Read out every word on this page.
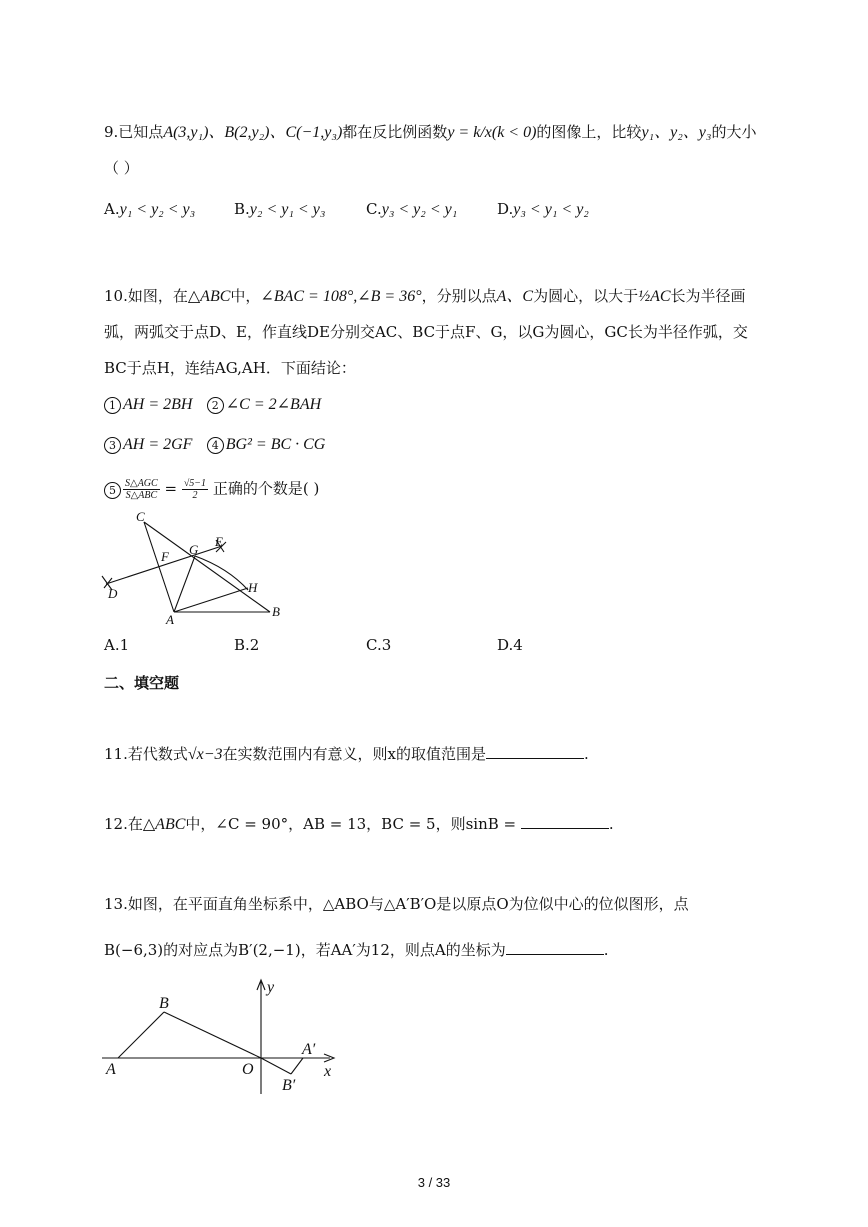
9.已知点A(3,y₁)、B(2,y₂)、C(−1,y₃)都在反比例函数y = k/x(k < 0)的图像上，比较y₁、y₂、y₃的大小
（ ）
A.y₁ < y₂ < y₃	B.y₂ < y₁ < y₃	C.y₃ < y₂ < y₁	D.y₃ < y₁ < y₂
10.如图，在△ABC中，∠BAC = 108°,∠B = 36°，分别以点A、C为圆心，以大于½AC长为半径画
弧，两弧交于点D、E，作直线DE分别交AC、BC于点F、G，以G为圆心，GC长为半径作弧，交
BC于点H，连结AG,AH．下面结论：
1 AH = 2BH 2 ∠C = 2∠BAH
3 AH = 2GF 4 BG² = BC · CG
$5 \frac{\text{S△AGC}}{\text{S△ABC}} = \frac{√5-1}{2}$ 正确的个数是( )
C
E
F G
H
D
A
B
A.1	B.2	C.3	D.4
二、填空题
11.若代数式√x−3在实数范围内有意义，则x的取值范围是	.
12.在△ABC中，∠C = 90°，AB = 13，BC = 5，则sinB =	.
13.如图，在平面直角坐标系中，△ABO与△A′B′O是以原点O为位似中心的位似图形，点
B(−6,3)的对应点为B′(2,−1)，若AA′为12，则点A的坐标为	.
B
A	O
y
x
A′
B′
3 / 33
